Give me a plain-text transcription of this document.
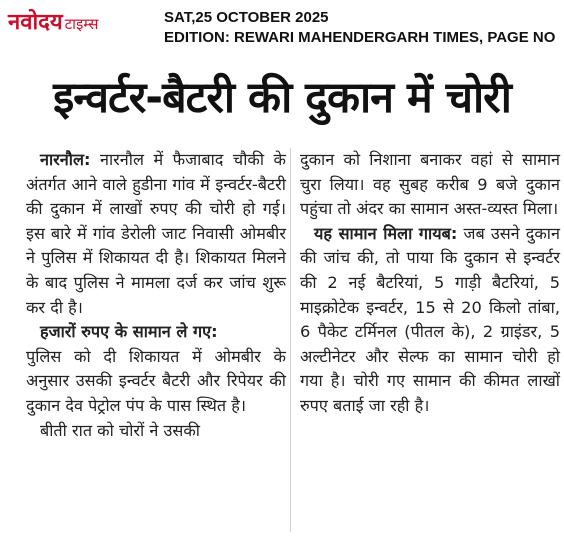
नवोदय टाइम्स	SAT,25 OCTOBER 2025
EDITION: REWARI MAHENDERGARH TIMES, PAGE NO
इन्वर्टर-बैटरी की दुकान में चोरी

नारनौल: नारनौल में फैजाबाद चौकी के अंतर्गत आने वाले हुडीना गांव में इन्वर्टर-बैटरी की दुकान में लाखों रुपए की चोरी हो गई। इस बारे में गांव डेरोली जाट निवासी ओमबीर ने पुलिस में शिकायत दी है। शिकायत मिलने के बाद पुलिस ने मामला दर्ज कर जांच शुरू कर दी है।

हजारों रुपए के सामान ले गए:
पुलिस को दी शिकायत में ओमबीर के अनुसार उसकी इन्वर्टर बैटरी और रिपेयर की दुकान देव पेट्रोल पंप के पास स्थित है।

बीती रात को चोरों ने उसकी

दुकान को निशाना बनाकर वहां से सामान चुरा लिया। वह सुबह करीब 9 बजे दुकान पहुंचा तो अंदर का सामान अस्त-व्यस्त मिला।

यह सामान मिला गायब: जब उसने दुकान की जांच की, तो पाया कि दुकान से इन्वर्टर की 2 नई बैटरियां, 5 गाड़ी बैटरियां, 5 माइक्रोटेक इन्वर्टर, 15 से 20 किलो तांबा, 6 पैकेट टर्मिनल (पीतल के), 2 ग्राइंडर, 5 अल्टीनेटर और सेल्फ का सामान चोरी हो गया है। चोरी गए सामान की कीमत लाखों रुपए बताई जा रही है।
